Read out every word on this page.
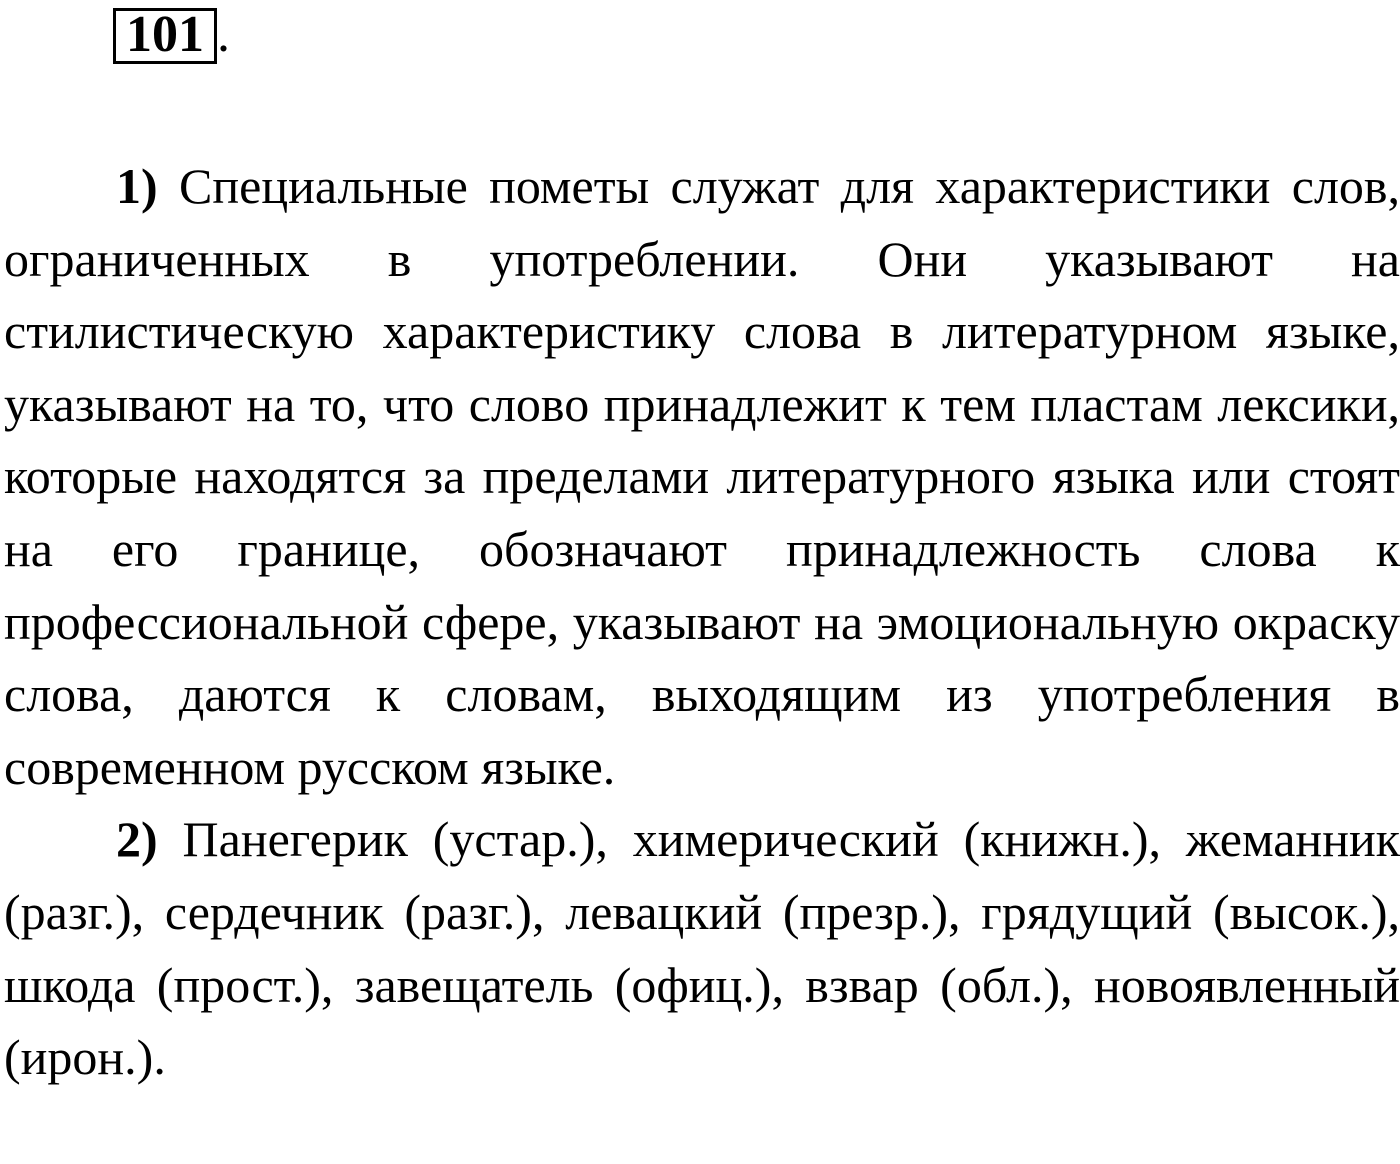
101 .

1) Специальные пометы служат для характеристики слов, ограниченных в употреблении. Они указывают на стилистическую характеристику слова в литературном языке, указывают на то, что слово принадлежит к тем пластам лексики, которые находятся за пределами литературного языка или стоят на его границе, обозначают принадлежность слова к профессиональной сфере, указывают на эмоциональную окраску слова, даются к словам, выходящим из употребления в современном русском языке.

2) Панегерик (устар.), химерический (книжн.), жеманник (разг.), сердечник (разг.), левацкий (презр.), грядущий (высок.), шкода (прост.), завещатель (офиц.), взвар (обл.), новоявленный (ирон.).
